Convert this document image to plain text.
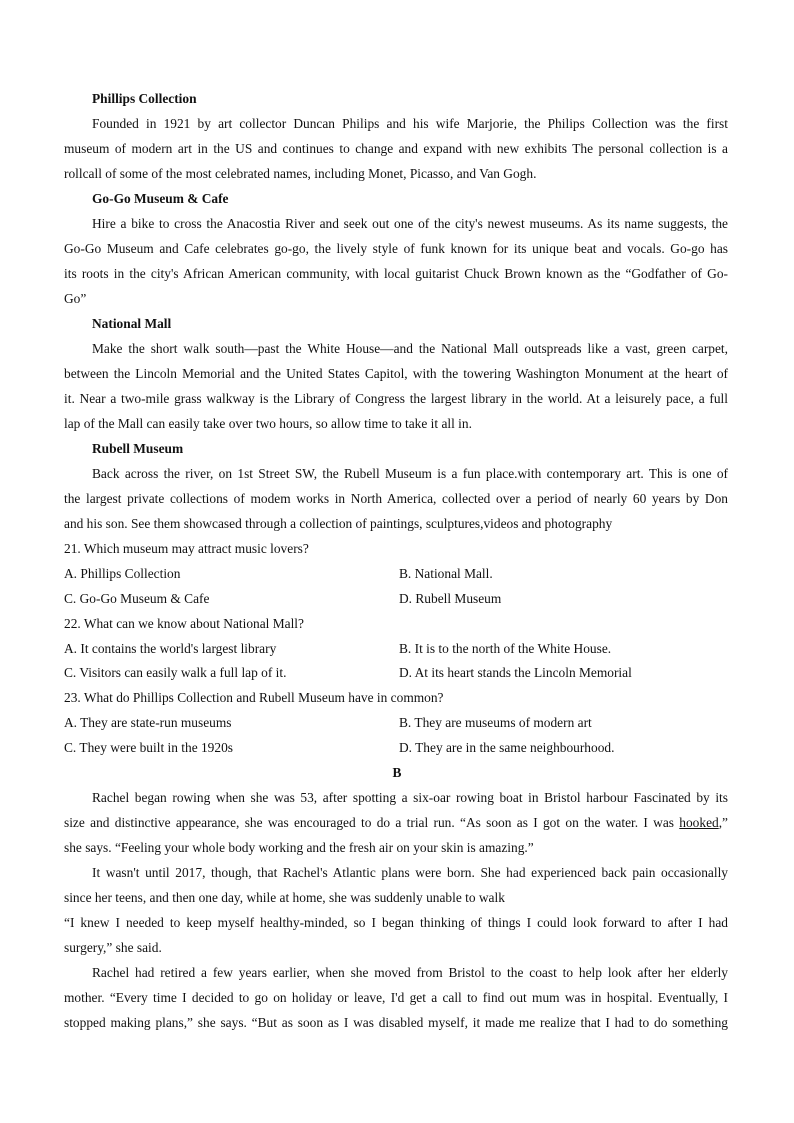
Phillips Collection
Founded in 1921 by art collector Duncan Philips and his wife Marjorie, the Philips Collection was the first
museum of modern art in the US and continues to change and expand with new exhibits The personal collection is a
rollcall of some of the most celebrated names, including Monet, Picasso, and Van Gogh.
Go-Go Museum & Cafe
Hire a bike to cross the Anacostia River and seek out one of the city's newest museums. As its name suggests, the
Go-Go Museum and Cafe celebrates go-go, the lively style of funk known for its unique beat and vocals. Go-go has
its roots in the city's African American community, with local guitarist Chuck Brown known as the “Godfather of Go-
Go”
National Mall
Make the short walk south—past the White House—and the National Mall outspreads like a vast, green carpet,
between the Lincoln Memorial and the United States Capitol, with the towering Washington Monument at the heart of
it. Near a two-mile grass walkway is the Library of Congress the largest library in the world. At a leisurely pace, a full
lap of the Mall can easily take over two hours, so allow time to take it all in.
Rubell Museum
Back across the river, on 1st Street SW, the Rubell Museum is a fun place.with contemporary art. This is one of
the largest private collections of modem works in North America, collected over a period of nearly 60 years by Don
and his son. See them showcased through a collection of paintings, sculptures,videos and photography
21. Which museum may attract music lovers?
A. Phillips Collection	B. National Mall.
C. Go-Go Museum & Cafe	D. Rubell Museum
22. What can we know about National Mall?
A. It contains the world's largest library	B. It is to the north of the White House.
C. Visitors can easily walk a full lap of it.	D. At its heart stands the Lincoln Memorial
23. What do Phillips Collection and Rubell Museum have in common?
A. They are state-run museums	B. They are museums of modern art
C. They were built in the 1920s	D. They are in the same neighbourhood.
B
Rachel began rowing when she was 53, after spotting a six-oar rowing boat in Bristol harbour Fascinated by its
size and distinctive appearance, she was encouraged to do a trial run. “As soon as I got on the water. I was hooked,”
she says. “Feeling your whole body working and the fresh air on your skin is amazing.”
It wasn't until 2017, though, that Rachel's Atlantic plans were born. She had experienced back pain occasionally
since her teens, and then one day, while at home, she was suddenly unable to walk
“I knew I needed to keep myself healthy-minded, so I began thinking of things I could look forward to after I had
surgery,” she said.
Rachel had retired a few years earlier, when she moved from Bristol to the coast to help look after her elderly
mother. “Every time I decided to go on holiday or leave, I'd get a call to find out mum was in hospital. Eventually, I
stopped making plans,” she says. “But as soon as I was disabled myself, it made me realize that I had to do something
